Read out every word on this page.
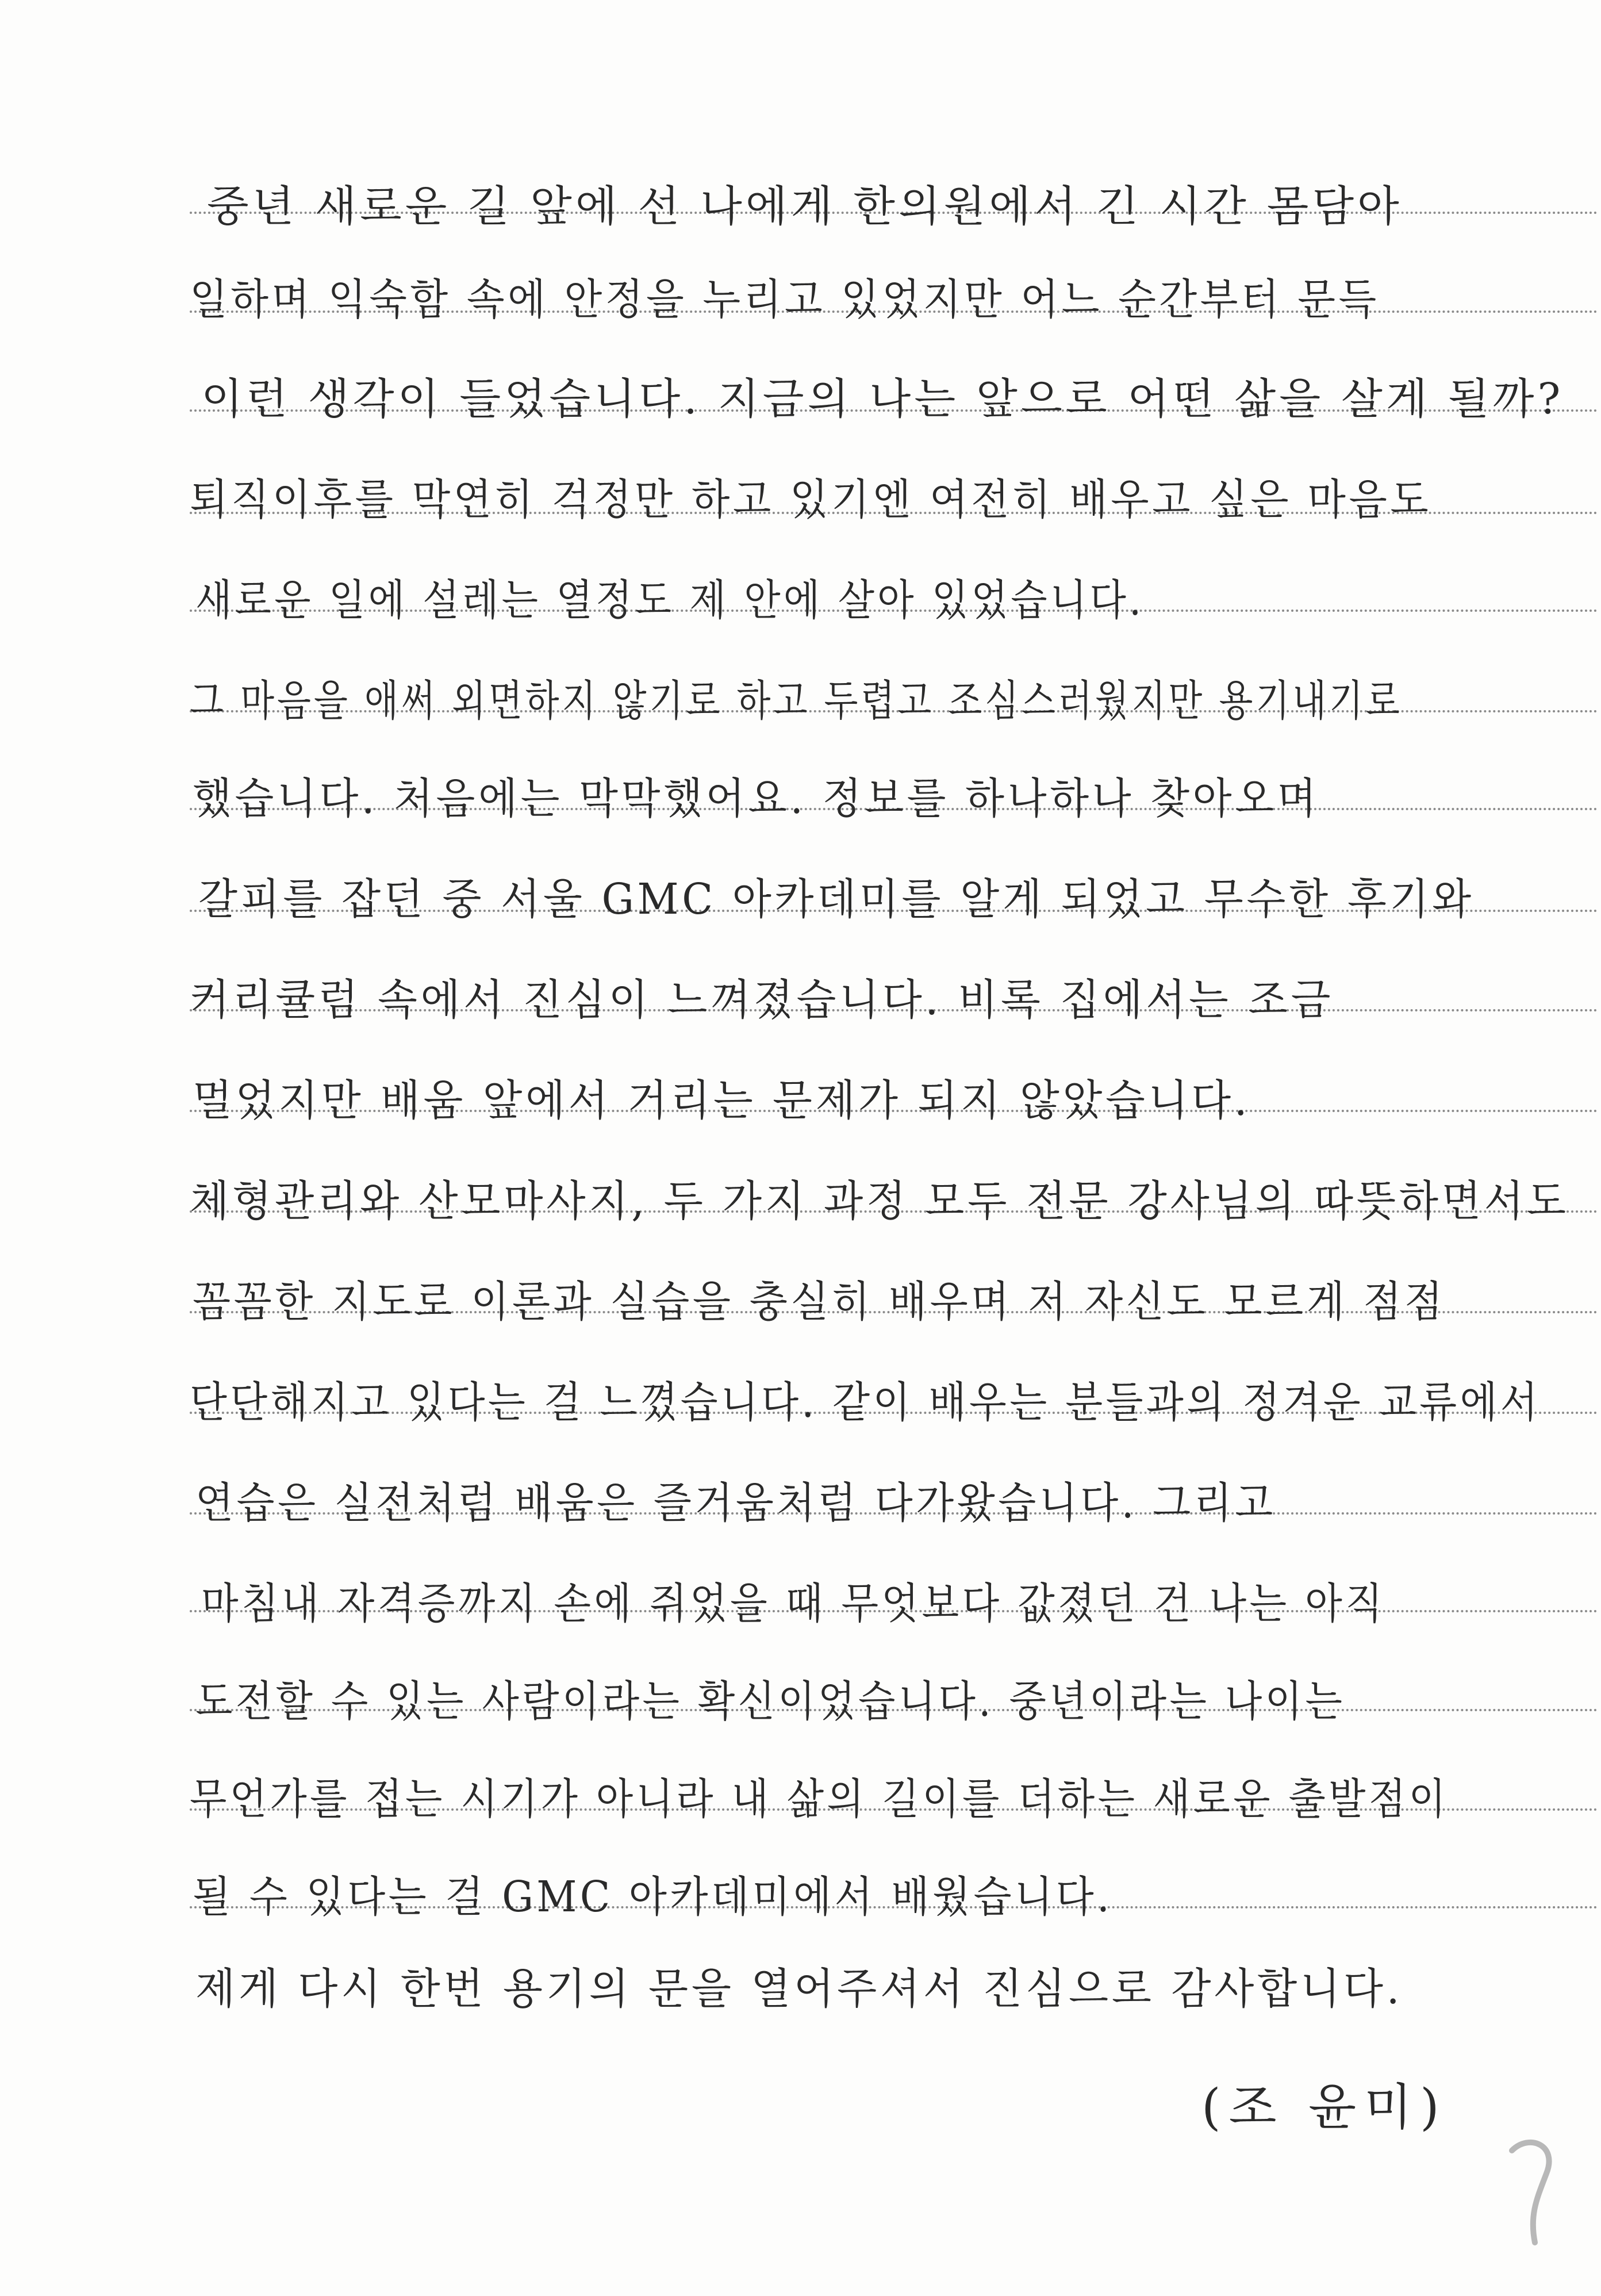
중년 새로운 길 앞에 선 나에게 한의원에서 긴 시간 몸담아
일하며 익숙함 속에 안정을 누리고 있었지만 어느 순간부터 문득
이런 생각이 들었습니다. 지금의 나는 앞으로 어떤 삶을 살게 될까?
퇴직이후를 막연히 걱정만 하고 있기엔 여전히 배우고 싶은 마음도
새로운 일에 설레는 열정도 제 안에 살아 있었습니다.
그 마음을 애써 외면하지 않기로 하고 두렵고 조심스러웠지만 용기내기로
했습니다. 처음에는 막막했어요. 정보를 하나하나 찾아오며
갈피를 잡던 중 서울 GMC 아카데미를 알게 되었고 무수한 후기와
커리큘럼 속에서 진심이 느껴졌습니다. 비록 집에서는 조금
멀었지만 배움 앞에서 거리는 문제가 되지 않았습니다.
체형관리와 산모마사지, 두 가지 과정 모두 전문 강사님의 따뜻하면서도
꼼꼼한 지도로 이론과 실습을 충실히 배우며 저 자신도 모르게 점점
단단해지고 있다는 걸 느꼈습니다. 같이 배우는 분들과의 정겨운 교류에서
연습은 실전처럼 배움은 즐거움처럼 다가왔습니다. 그리고
마침내 자격증까지 손에 쥐었을 때 무엇보다 값졌던 건 나는 아직
도전할 수 있는 사람이라는 확신이었습니다. 중년이라는 나이는
무언가를 접는 시기가 아니라 내 삶의 길이를 더하는 새로운 출발점이
될 수 있다는 걸 GMC 아카데미에서 배웠습니다.
제게 다시 한번 용기의 문을 열어주셔서 진심으로 감사합니다.
(조 윤미)
